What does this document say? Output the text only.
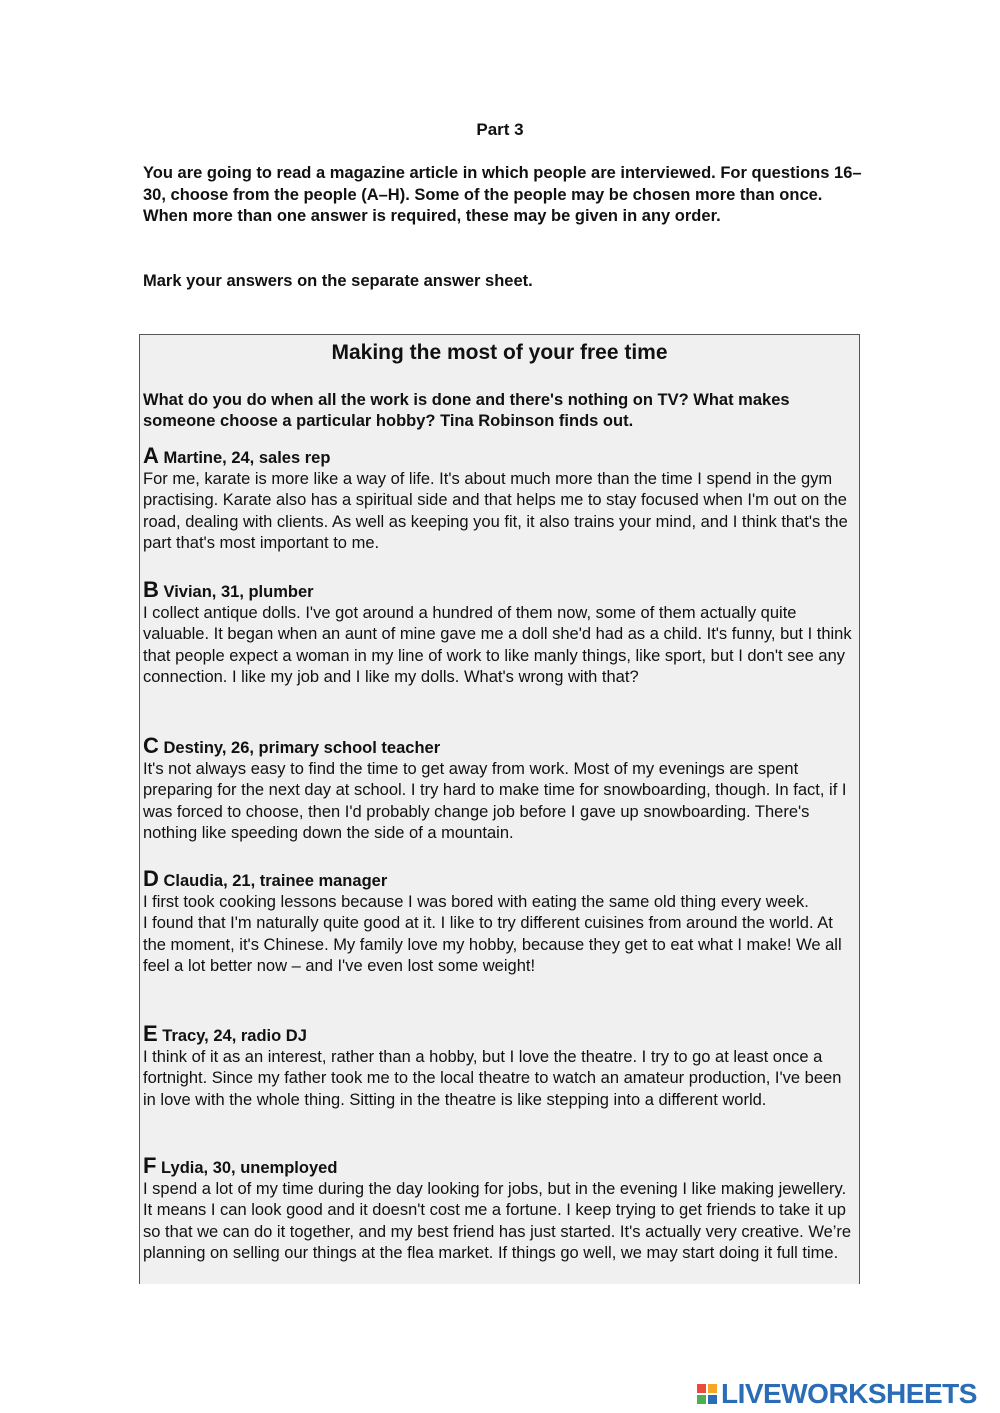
Part 3

You are going to read a magazine article in which people are interviewed. For questions 16–30, choose from the people (A–H). Some of the people may be chosen more than once. When more than one answer is required, these may be given in any order.

Mark your answers on the separate answer sheet.

Making the most of your free time

What do you do when all the work is done and there's nothing on TV? What makes someone choose a particular hobby? Tina Robinson finds out.

A Martine, 24, sales rep

For me, karate is more like a way of life. It's about much more than the time I spend in the gym practising. Karate also has a spiritual side and that helps me to stay focused when I'm out on the road, dealing with clients. As well as keeping you fit, it also trains your mind, and I think that's the part that's most important to me.

B Vivian, 31, plumber

I collect antique dolls. I've got around a hundred of them now, some of them actually quite valuable. It began when an aunt of mine gave me a doll she'd had as a child. It's funny, but I think that people expect a woman in my line of work to like manly things, like sport, but I don't see any connection. I like my job and I like my dolls. What's wrong with that?

C Destiny, 26, primary school teacher

It's not always easy to find the time to get away from work. Most of my evenings are spent preparing for the next day at school. I try hard to make time for snowboarding, though. In fact, if I was forced to choose, then I'd probably change job before I gave up snowboarding. There's nothing like speeding down the side of a mountain.

D Claudia, 21, trainee manager

I first took cooking lessons because I was bored with eating the same old thing every week.

I found that I'm naturally quite good at it. I like to try different cuisines from around the world. At the moment, it's Chinese. My family love my hobby, because they get to eat what I make! We all feel a lot better now – and I've even lost some weight!

E Tracy, 24, radio DJ

I think of it as an interest, rather than a hobby, but I love the theatre. I try to go at least once a fortnight. Since my father took me to the local theatre to watch an amateur production, I've been in love with the whole thing. Sitting in the theatre is like stepping into a different world.

F Lydia, 30, unemployed

I spend a lot of my time during the day looking for jobs, but in the evening I like making jewellery. It means I can look good and it doesn't cost me a fortune. I keep trying to get friends to take it up so that we can do it together, and my best friend has just started. It's actually very creative. We’re planning on selling our things at the flea market. If things go well, we may start doing it full time.

LIVEWORKSHEETS
